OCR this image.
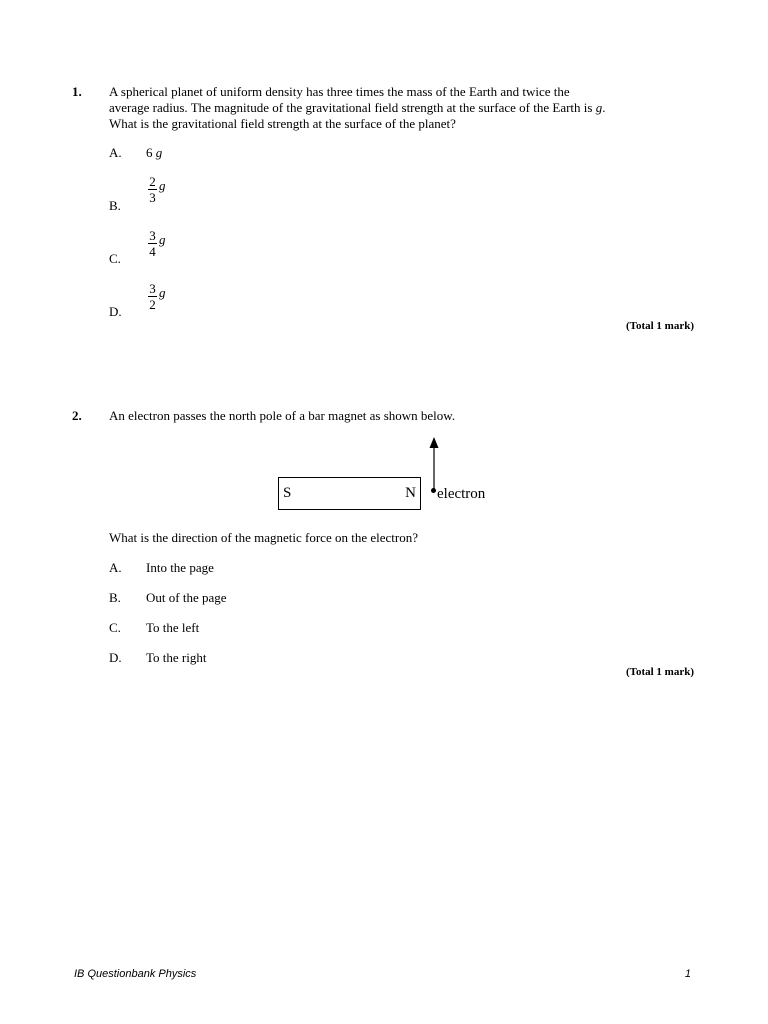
1. A spherical planet of uniform density has three times the mass of the Earth and twice the
average radius. The magnitude of the gravitational field strength at the surface of the Earth is g.
What is the gravitational field strength at the surface of the planet?
A. 6 g
B.
$\frac{2}{3}$ g
C.
$\frac{3}{4}$ g
D.
$\frac{3}{2}$ g
(Total 1 mark)
2. An electron passes the north pole of a bar magnet as shown below.
S	N electron
What is the direction of the magnetic force on the electron?
A. Into the page
B. Out of the page
C. To the left
D. To the right
(Total 1 mark)
IB Questionbank Physics	1
